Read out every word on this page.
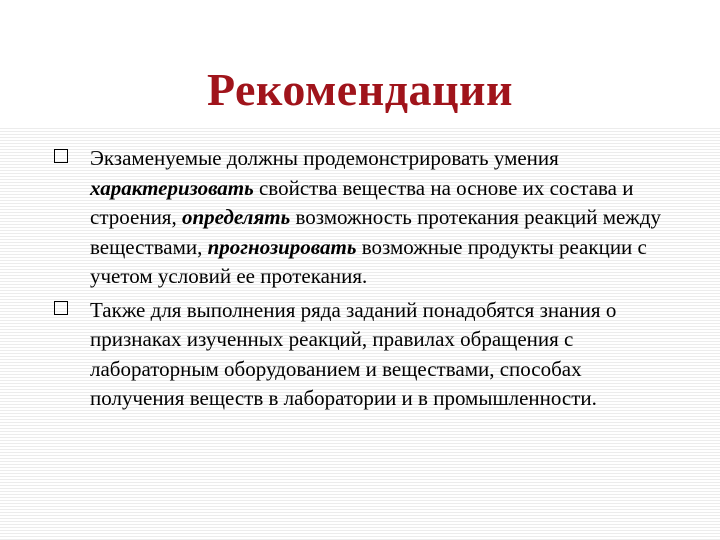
Рекомендации
Экзаменуемые должны продемонстрировать умения характеризовать свойства вещества на основе их состава и строения, определять возможность протекания реакций между веществами, прогнозировать возможные продукты реакции с учетом условий ее протекания.
Также для выполнения ряда заданий понадобятся знания о признаках изученных реакций, правилах обращения с лабораторным оборудованием и веществами, способах получения веществ в лаборатории и в промышленности.
